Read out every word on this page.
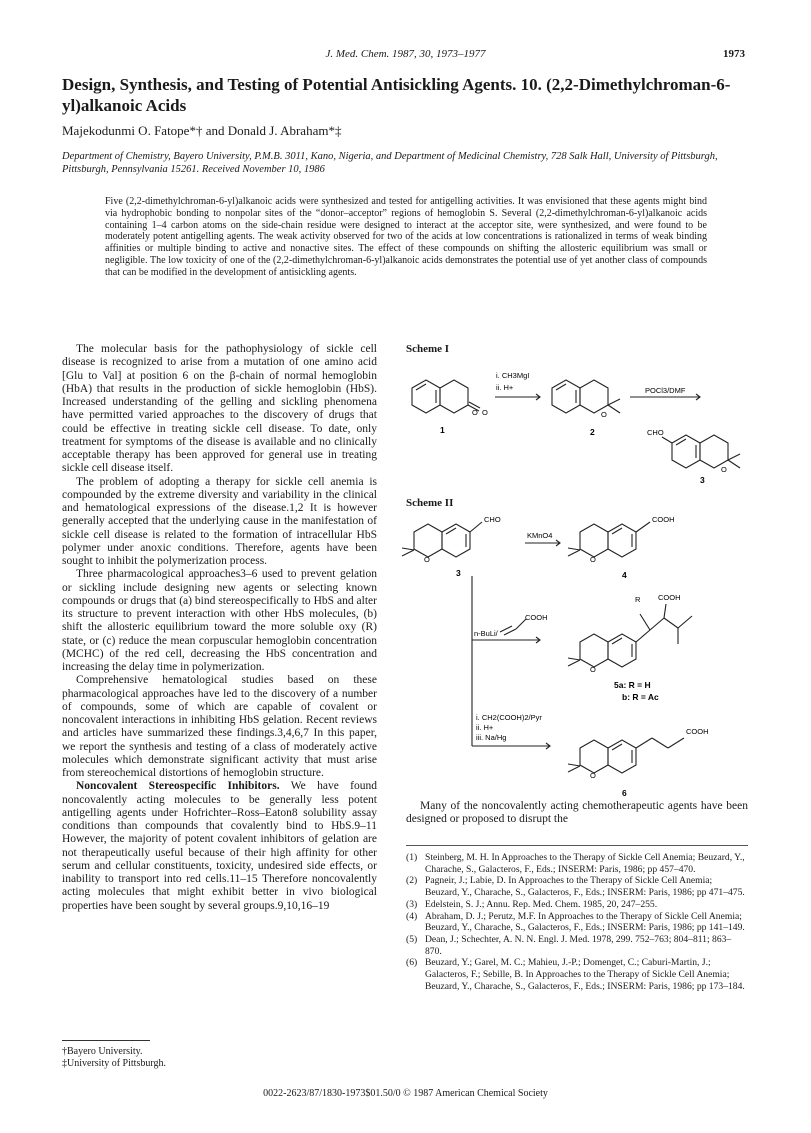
J. Med. Chem. 1987, 30, 1973–1977	1973
Design, Synthesis, and Testing of Potential Antisickling Agents. 10. (2,2-Dimethylchroman-6-yl)alkanoic Acids
Majekodunmi O. Fatope*† and Donald J. Abraham*‡
Department of Chemistry, Bayero University, P.M.B. 3011, Kano, Nigeria, and Department of Medicinal Chemistry, 728 Salk Hall, University of Pittsburgh, Pittsburgh, Pennsylvania 15261. Received November 10, 1986
Five (2,2-dimethylchroman-6-yl)alkanoic acids were synthesized and tested for antigelling activities. It was envisioned that these agents might bind via hydrophobic bonding to nonpolar sites of the “donor–acceptor” regions of hemoglobin S. Several (2,2-dimethylchroman-6-yl)alkanoic acids containing 1–4 carbon atoms on the side-chain residue were designed to interact at the acceptor site, were synthesized, and were found to be moderately potent antigelling agents. The weak activity observed for two of the acids at low concentrations is rationalized in terms of weak binding affinities or multiple binding to active and nonactive sites. The effect of these compounds on shifting the allosteric equilibrium was small or negligible. The low toxicity of one of the (2,2-dimethylchroman-6-yl)alkanoic acids demonstrates the potential use of yet another class of compounds that can be modified in the development of antisickling agents.

The molecular basis for the pathophysiology of sickle cell disease is recognized to arise from a mutation of one amino acid [Glu to Val] at position 6 on the β-chain of normal hemoglobin (HbA) that results in the production of sickle hemoglobin (HbS). Increased understanding of the gelling and sickling phenomena have permitted varied approaches to the discovery of drugs that could be effective in treating sickle cell disease. To date, only treatment for symptoms of the disease is available and no clinically acceptable therapy has been approved for general use in treating sickle cell disease itself.

The problem of adopting a therapy for sickle cell anemia is compounded by the extreme diversity and variability in the clinical and hematological expressions of the disease.1,2 It is however generally accepted that the underlying cause in the manifestation of sickle cell disease is related to the formation of intracellular HbS polymer under anoxic conditions. Therefore, agents have been sought to inhibit the polymerization process.

Three pharmacological approaches3–6 used to prevent gelation or sickling include designing new agents or selecting known compounds or drugs that (a) bind stereospecifically to HbS and alter its structure to prevent interaction with other HbS molecules, (b) shift the allosteric equilibrium toward the more soluble oxy (R) state, or (c) reduce the mean corpuscular hemoglobin concentration (MCHC) of the red cell, decreasing the HbS concentration and increasing the delay time in polymerization.

Comprehensive hematological studies based on these pharmacological approaches have led to the discovery of a number of compounds, some of which are capable of covalent or noncovalent interactions in inhibiting HbS gelation. Recent reviews and articles have summarized these findings.3,4,6,7 In this paper, we report the synthesis and testing of a class of moderately active molecules which demonstrate significant activity that must arise from stereochemical distortions of hemoglobin structure.

Noncovalent Stereospecific Inhibitors. We have found noncovalently acting molecules to be generally less potent antigelling agents under Hofrichter–Ross–Eaton8 solubility assay conditions than compounds that covalently bind to HbS.9–11 However, the majority of potent covalent inhibitors of gelation are not therapeutically useful because of their high affinity for other serum and cellular constituents, toxicity, undesired side effects, or inability to transport into red cells.11–15 Therefore noncovalently acting molecules that might exhibit better in vivo biological properties have been sought by several groups.9,10,16–19

†Bayero University.
‡University of Pittsburgh.
Scheme I
O O	O
O
i. CH3MgI
ii. H+	POCl3/DMF
CHO
1	2
3
Scheme II
CHO
O
KMnO4
COOH
O
3	4
R COOH
COOH
n-BuLi/
O
5a: R = H
b: R = Ac
i. CH2(COOH)2/Pyr
ii. H+
iii. Na/Hg
COOH
O
6

Many of the noncovalently acting chemotherapeutic agents have been designed or proposed to disrupt the

(1) Steinberg, M. H. In Approaches to the Therapy of Sickle Cell Anemia; Beuzard, Y., Charache, S., Galacteros, F., Eds.; INSERM: Paris, 1986; pp 457–470.
(2) Pagneir, J.; Labie, D. In Approaches to the Therapy of Sickle Cell Anemia; Beuzard, Y., Charache, S., Galacteros, F., Eds.; INSERM: Paris, 1986; pp 471–475.
(3) Edelstein, S. J.; Annu. Rep. Med. Chem. 1985, 20, 247–255.
(4) Abraham, D. J.; Perutz, M.F. In Approaches to the Therapy of Sickle Cell Anemia; Beuzard, Y., Charache, S., Galacteros, F., Eds.; INSERM: Paris, 1986; pp 141–149.
(5) Dean, J.; Schechter, A. N. N. Engl. J. Med. 1978, 299. 752–763; 804–811; 863–870.
(6) Beuzard, Y.; Garel, M. C.; Mahieu, J.-P.; Domenget, C.; Caburi-Martin, J.; Galacteros, F.; Sebille, B. In Approaches to the Therapy of Sickle Cell Anemia; Beuzard, Y., Charache, S., Galacteros, F., Eds.; INSERM: Paris, 1986; pp 173–184.
0022-2623/87/1830-1973$01.50/0 © 1987 American Chemical Society
